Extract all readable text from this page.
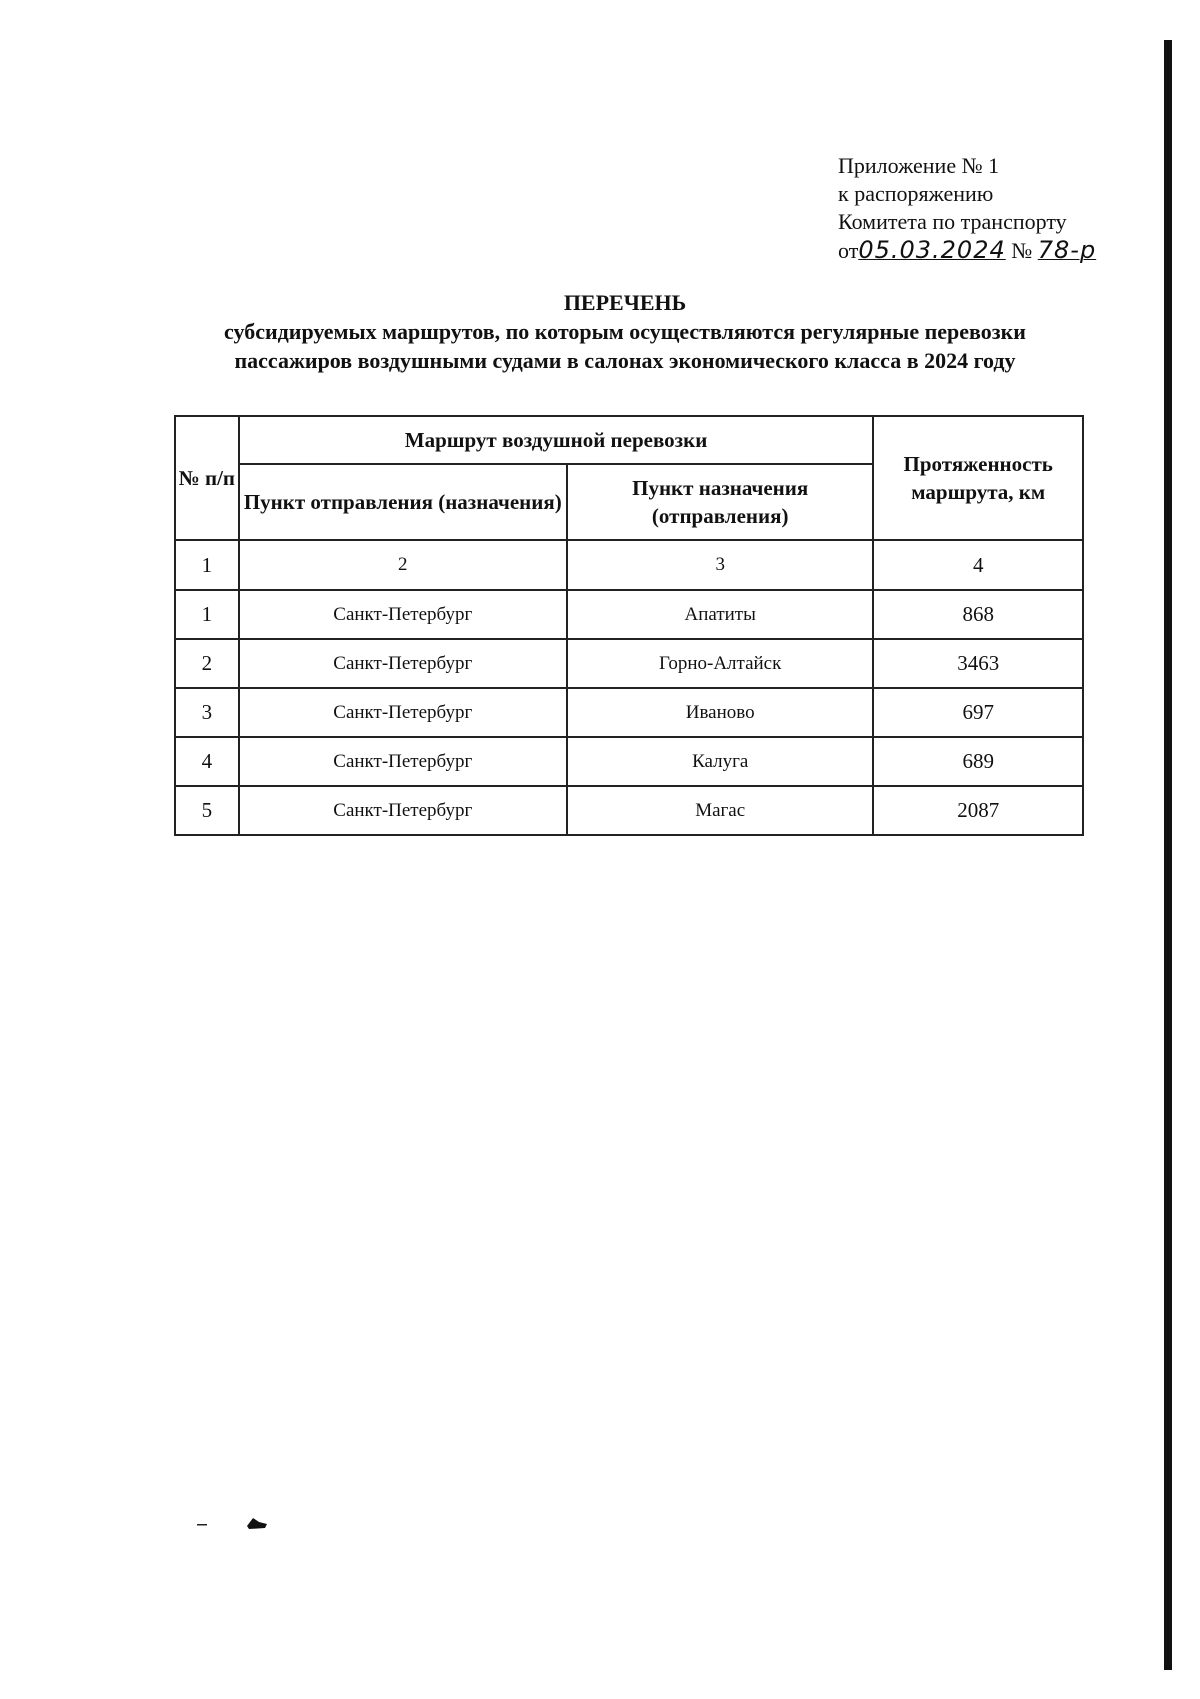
Приложение № 1
к распоряжению
Комитета по транспорту
от05.03.2024 № 78-р
ПЕРЕЧЕНЬ
субсидируемых маршрутов, по которым осуществляются регулярные перевозки
пассажиров воздушными судами в салонах экономического класса в 2024 году
№ п/п	Маршрут воздушной перевозки		Протяженность маршрута, км
	Пункт отправления (назначения)	Пункт назначения (отправления)	
1	2	3	4
1	Санкт-Петербург	Апатиты	868
2	Санкт-Петербург	Горно-Алтайск	3463
3	Санкт-Петербург	Иваново	697
4	Санкт-Петербург	Калуга	689
5	Санкт-Петербург	Магас	2087
